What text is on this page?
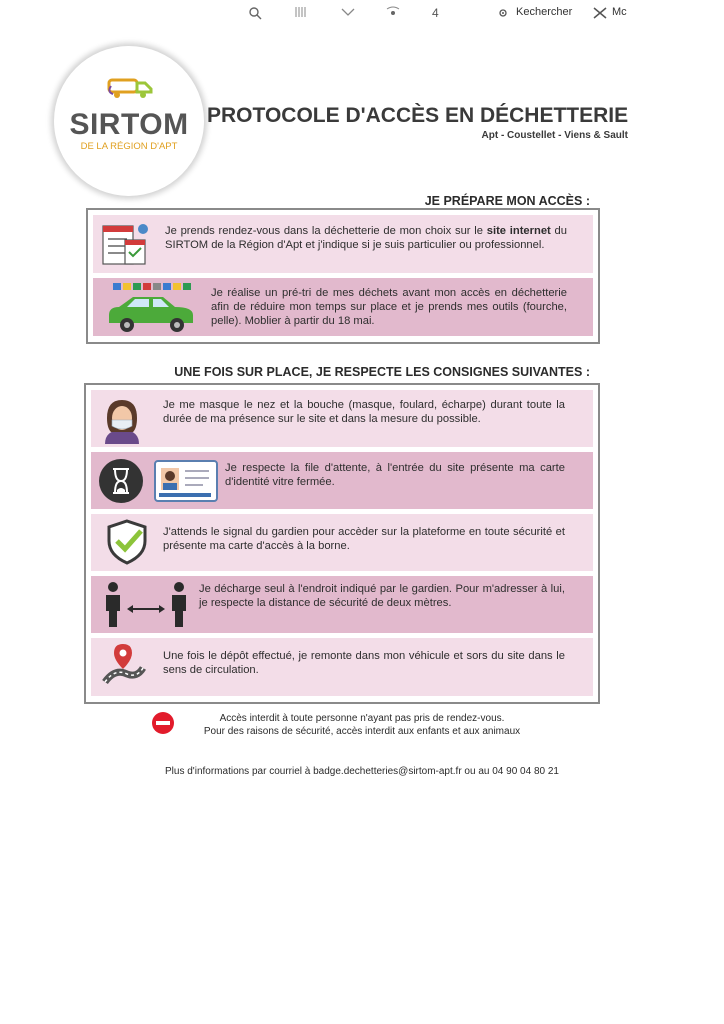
4	Kechercher	Mc
SIRTOM
DE LA RÉGION D'APT
PROTOCOLE D'ACCÈS EN DÉCHETTERIE
Apt - Coustellet - Viens & Sault
JE PRÉPARE MON ACCÈS :
Je prends rendez-vous dans la déchetterie de mon choix sur le site internet du SIRTOM de la Région d'Apt et j'indique si je suis particulier ou professionnel.
Je réalise un pré-tri de mes déchets avant mon accès en déchetterie afin de réduire mon temps sur place et je prends mes outils (fourche, pelle). Moblier à partir du 18 mai.
UNE FOIS SUR PLACE, JE RESPECTE LES CONSIGNES SUIVANTES :
Je me masque le nez et la bouche (masque, foulard, écharpe) durant toute la durée de ma présence sur le site et dans la mesure du possible.
Je respecte la file d'attente, à l'entrée du site présente ma carte d'identité vitre fermée.
J'attends le signal du gardien pour accèder sur la plateforme en toute sécurité et présente ma carte d'accès à la borne.
Je décharge seul à l'endroit indiqué par le gardien. Pour m'adresser à lui, je respecte la distance de sécurité de deux mètres.
Une fois le dépôt effectué, je remonte dans mon véhicule et sors du site dans le sens de circulation.
Accès interdit à toute personne n'ayant pas pris de rendez-vous.
Pour des raisons de sécurité, accès interdit aux enfants et aux animaux
Plus d'informations par courriel à badge.dechetteries@sirtom-apt.fr ou au 04 90 04 80 21
